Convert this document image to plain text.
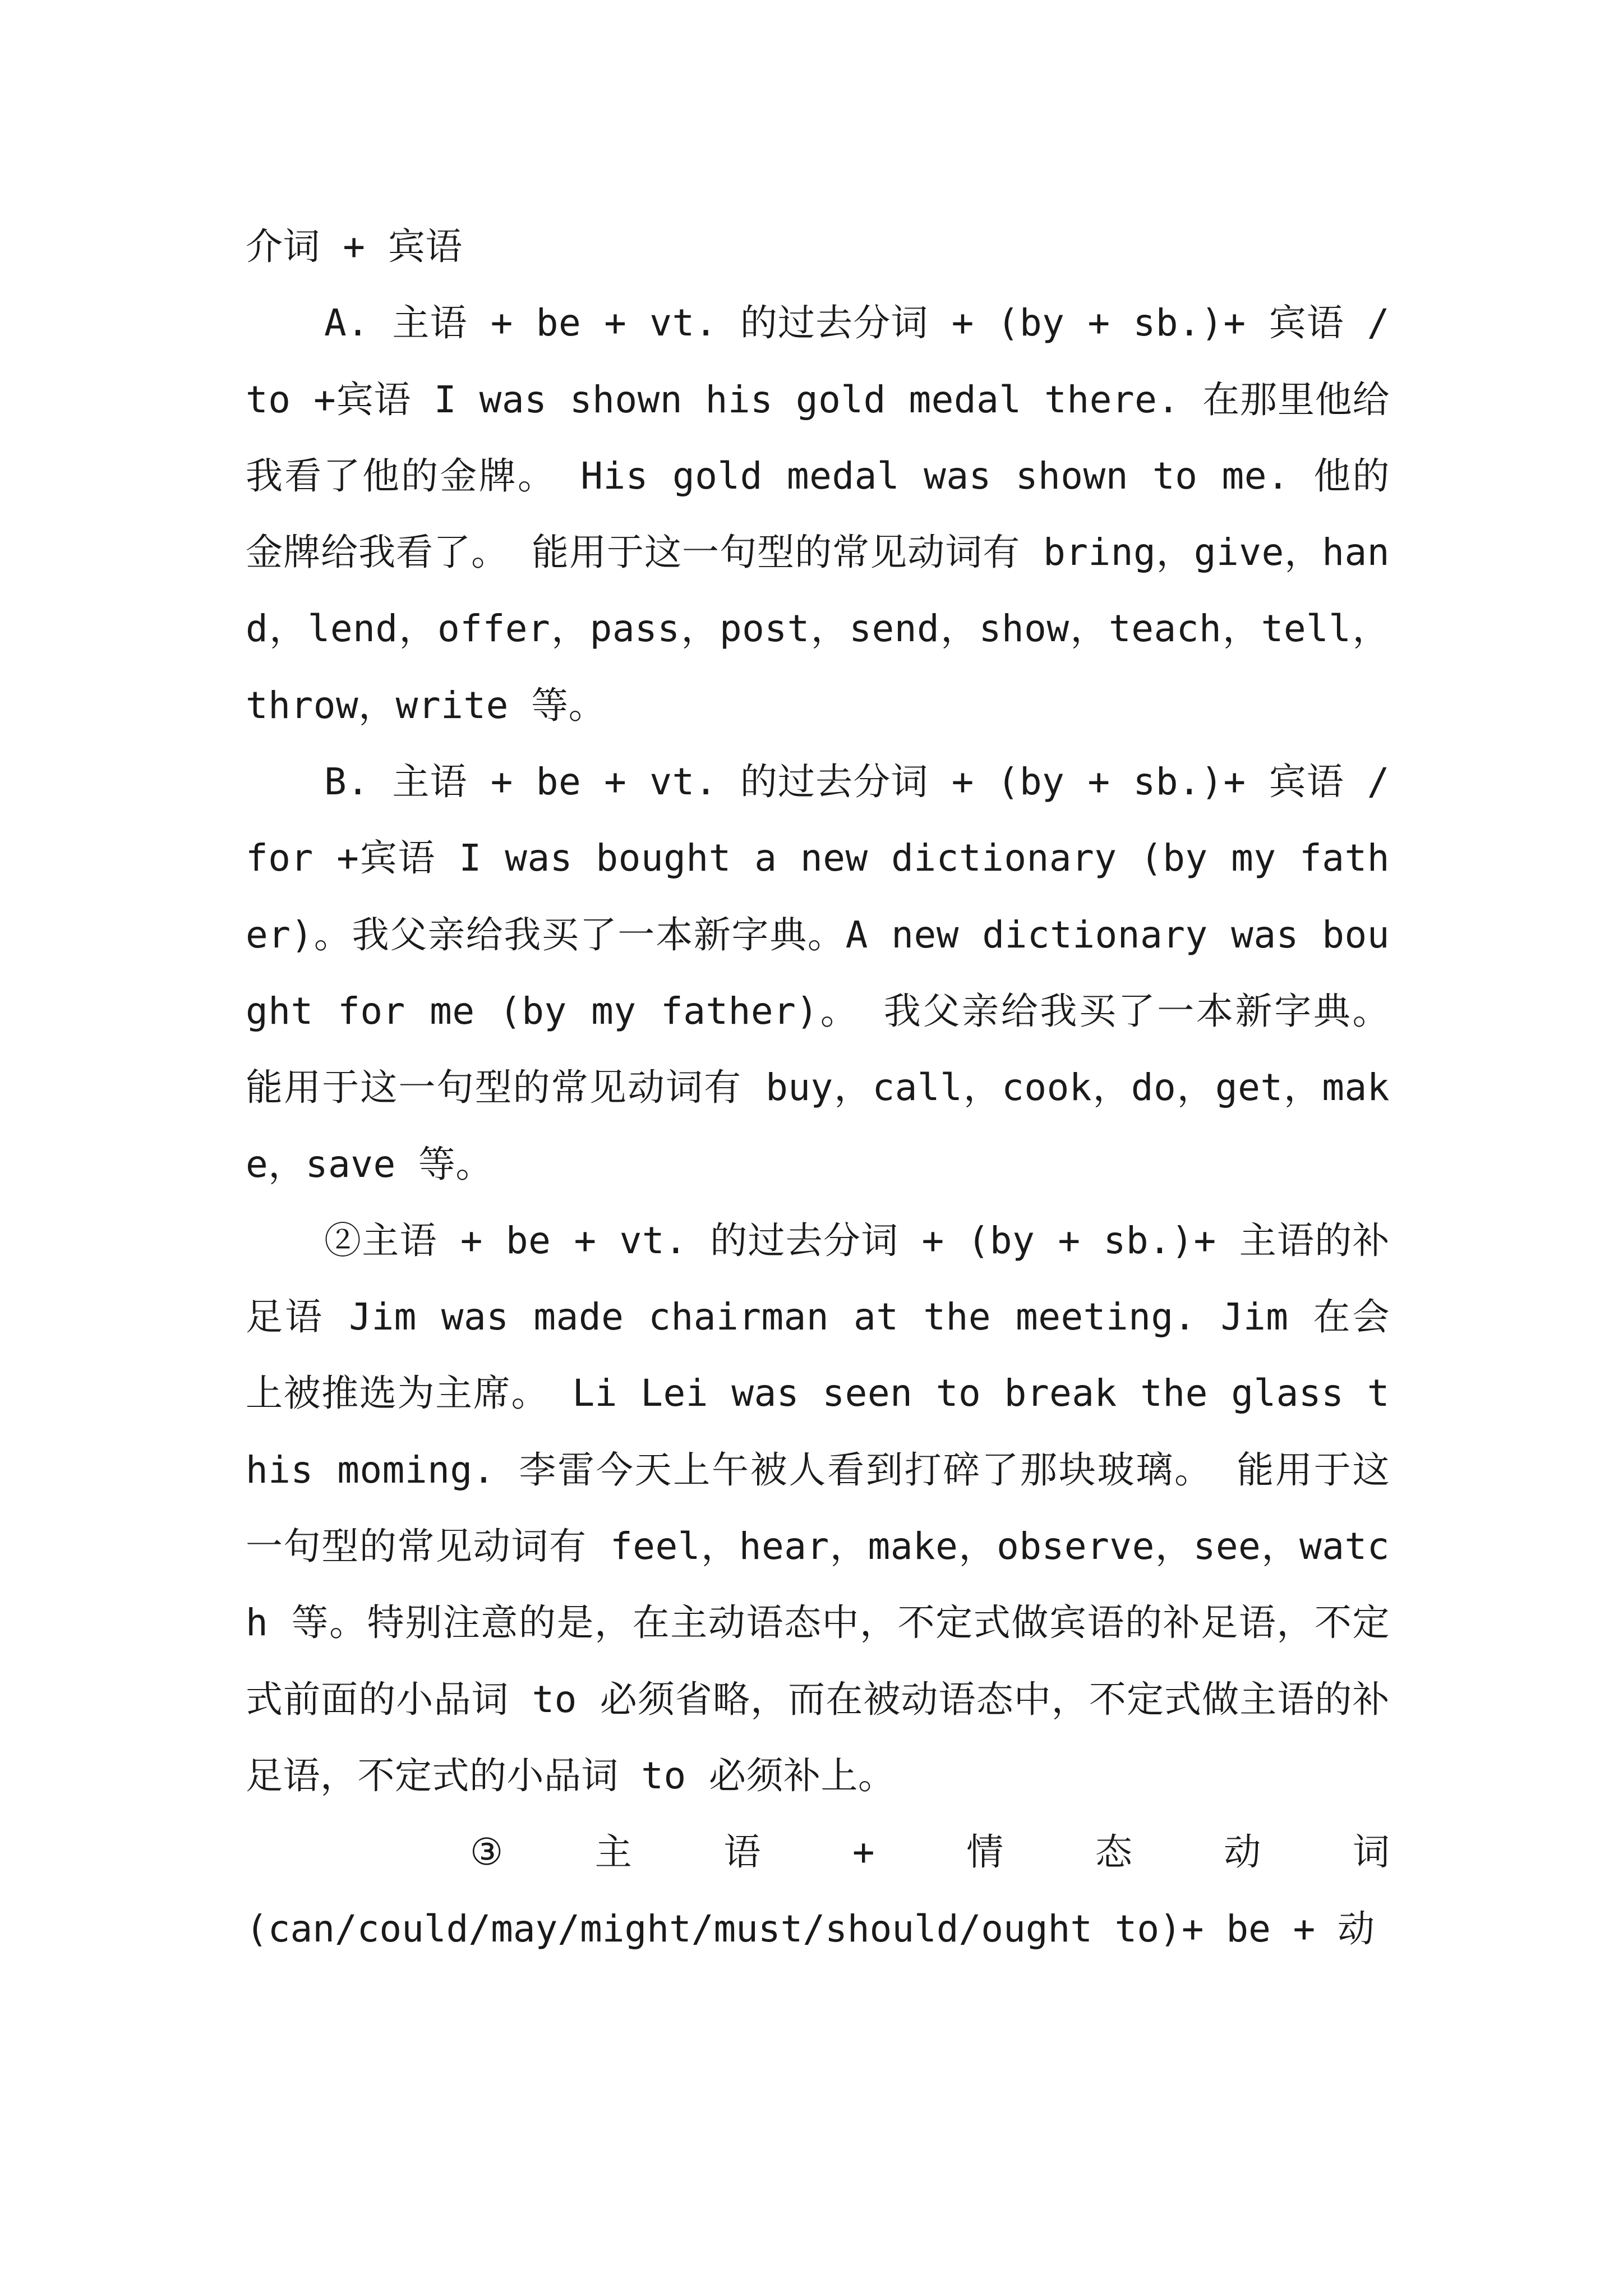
介词 + 宾语

A. 主语 + be + vt. 的过去分词 + (by + sb.)+ 宾语 /to +宾语 I was shown his gold medal there. 在那里他给我看了他的金牌。 His gold medal was shown to me. 他的金牌给我看了。 能用于这一句型的常见动词有 bring，give，hand，lend，offer，pass，post，send，show，teach，tell，throw，write 等。

B. 主语 + be + vt. 的过去分词 + (by + sb.)+ 宾语 /for +宾语 I was bought a new dictionary (by my father)。我父亲给我买了一本新字典。A new dictionary was bought for me (by my father)。 我父亲给我买了一本新字典。 能用于这一句型的常见动词有 buy，call，cook，do，get，make，save 等。

②主语 + be + vt. 的过去分词 + (by + sb.)+ 主语的补足语 Jim was made chairman at the meeting. Jim 在会上被推选为主席。 Li Lei was seen to break the glass this moming. 李雷今天上午被人看到打碎了那块玻璃。 能用于这一句型的常见动词有 feel，hear，make，observe，see，watch 等。特别注意的是，在主动语态中，不定式做宾语的补足语，不定式前面的小品词 to 必须省略，而在被动语态中，不定式做主语的补足语，不定式的小品词 to 必须补上。

③ 主 语 + 情 态 动 词
(can/could/may/might/must/should/ought to)+ be + 动
